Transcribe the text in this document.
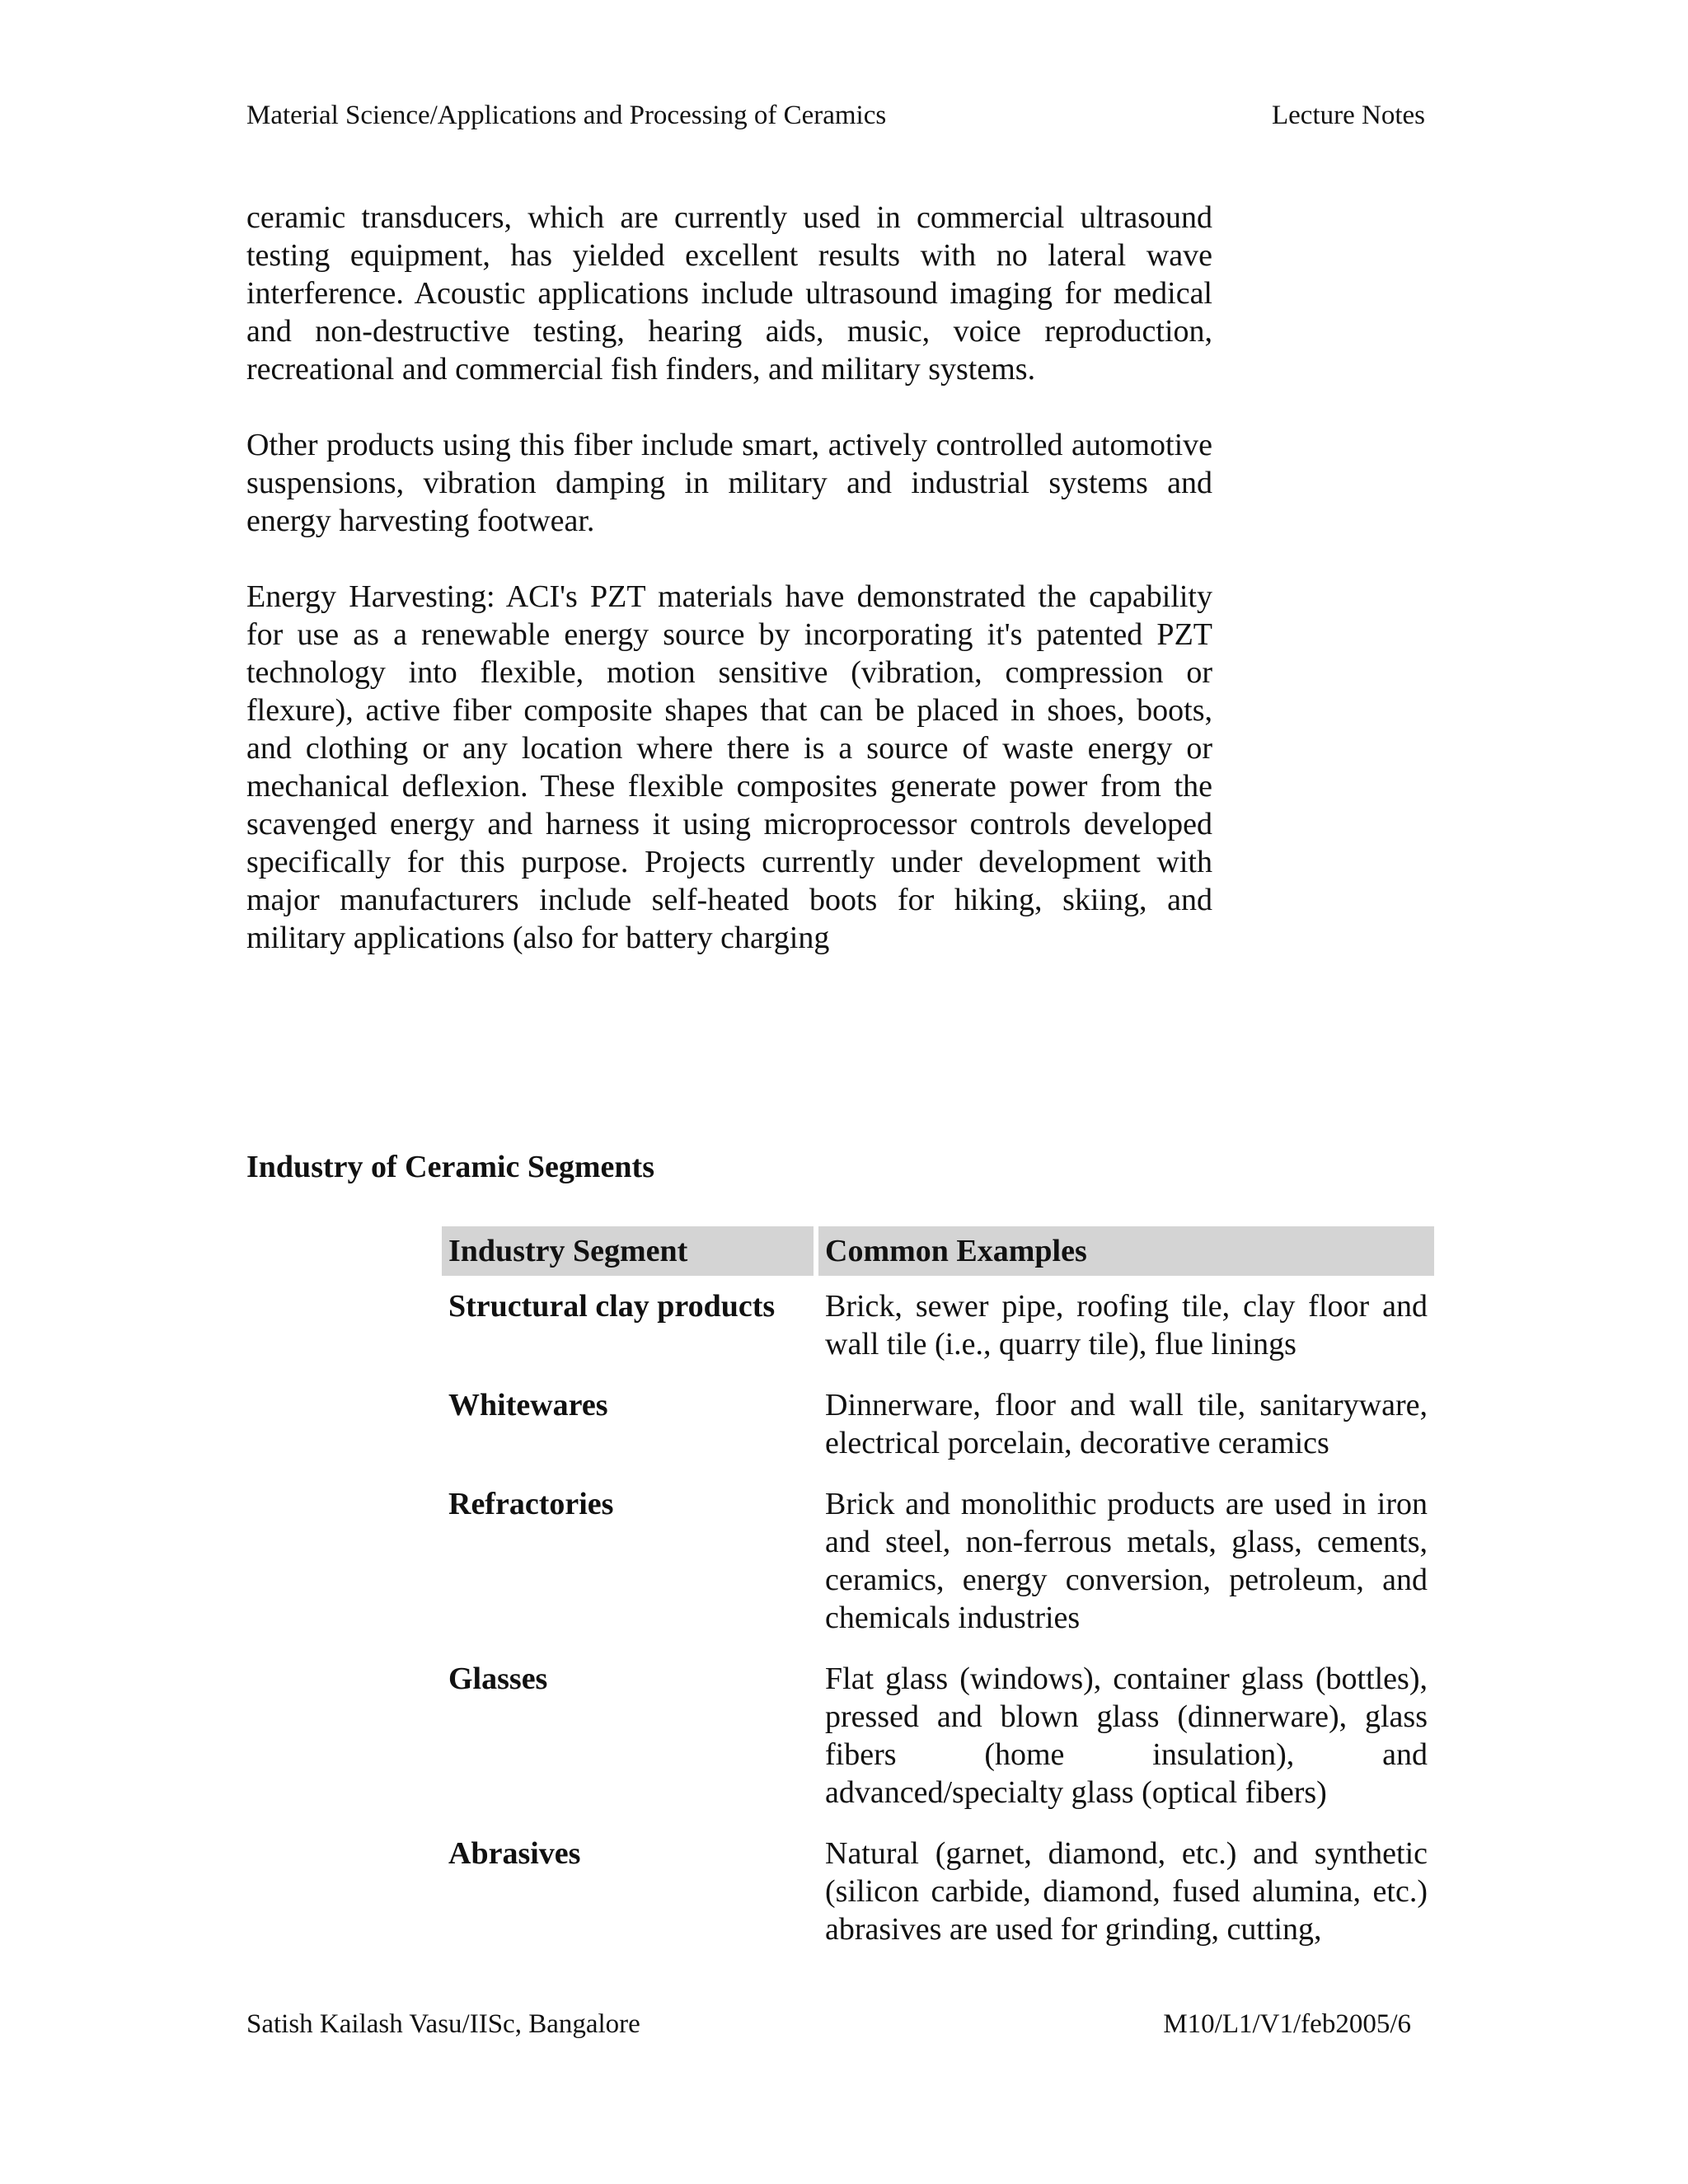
Material Science/Applications and Processing of Ceramics	Lecture Notes

ceramic transducers, which are currently used in commercial ultrasound testing equipment, has yielded excellent results with no lateral wave interference. Acoustic applications include ultrasound imaging for medical and non-destructive testing, hearing aids, music, voice reproduction, recreational and commercial fish finders, and military systems.

Other products using this fiber include smart, actively controlled automotive suspensions, vibration damping in military and industrial systems and energy harvesting footwear.

Energy Harvesting: ACI's PZT materials have demonstrated the capability for use as a renewable energy source by incorporating it's patented PZT technology into flexible, motion sensitive (vibration, compression or flexure), active fiber composite shapes that can be placed in shoes, boots, and clothing or any location where there is a source of waste energy or mechanical deflexion. These flexible composites generate power from the scavenged energy and harness it using microprocessor controls developed specifically for this purpose. Projects currently under development with major manufacturers include self-heated boots for hiking, skiing, and military applications (also for battery charging

Industry of Ceramic Segments
Industry Segment	Common Examples
Structural clay products	Brick, sewer pipe, roofing tile, clay floor and wall tile (i.e., quarry tile), flue linings
Whitewares	Dinnerware, floor and wall tile, sanitaryware, electrical porcelain, decorative ceramics
Refractories	Brick and monolithic products are used in iron and steel, non-ferrous metals, glass, cements, ceramics, energy conversion, petroleum, and chemicals industries
Glasses	Flat glass (windows), container glass (bottles), pressed and blown glass (dinnerware), glass fibers (home insulation), and advanced/specialty glass (optical fibers)
Abrasives	Natural (garnet, diamond, etc.) and synthetic (silicon carbide, diamond, fused alumina, etc.) abrasives are used for grinding, cutting,
Satish Kailash Vasu/IISc, Bangalore	M10/L1/V1/feb2005/6
